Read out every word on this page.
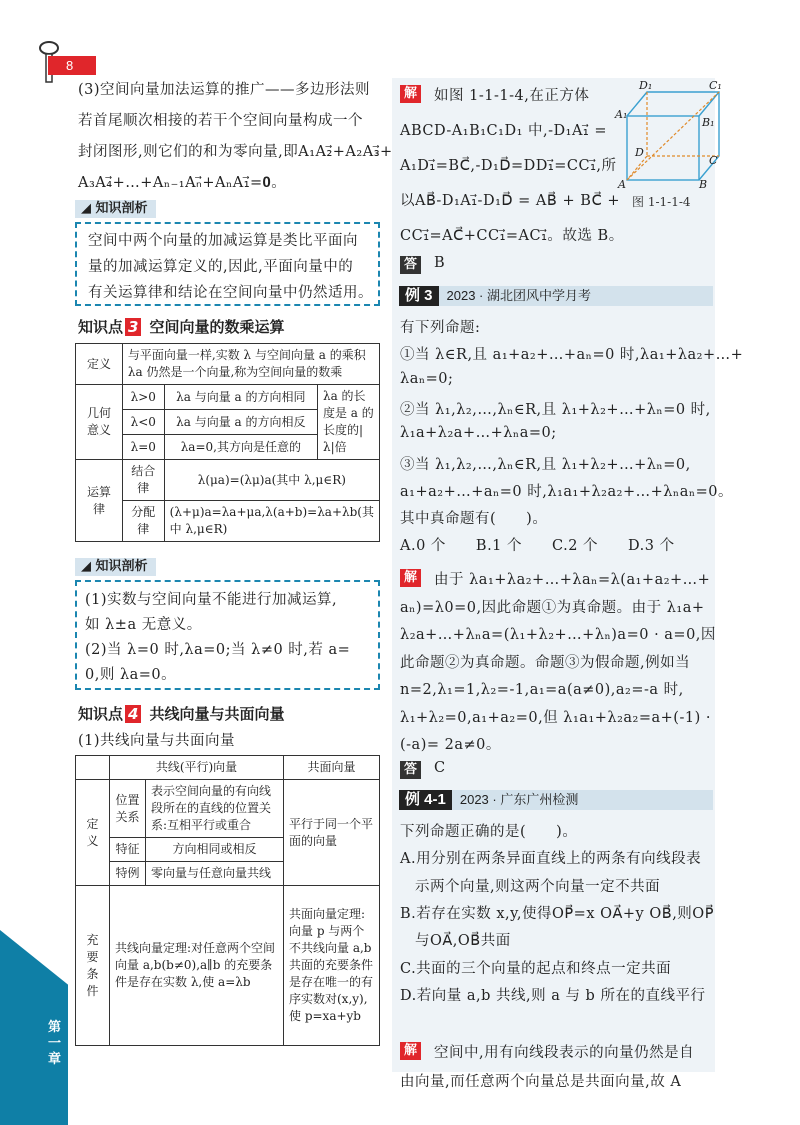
第一章
8
◢ 知识剖析
知识点 3 空间向量的数乘运算
定义	与平面向量一样,实数 λ 与空间向量 a 的乘积 λa 仍然是一个向量,称为空间向量的数乘		
几何意义	λ>0	λa 与向量 a 的方向相同	λa 的长度是 a 的长度的|λ|倍
	λ<0	λa 与向量 a 的方向相反	
	λ=0	λa=0,其方向是任意的	
运算律	结合律	λ(μa)=(λμ)a(其中 λ,μ∈R)	
	分配律	(λ+μ)a=λa+μa,λ(a+b)=λa+λb(其中 λ,μ∈R)	
◢ 知识剖析
知识点 4 共线向量与共面向量
(1)共线向量与共面向量
	共线(平行)向量		共面向量
定义	位置关系	表示空间向量的有向线段所在的直线的位置关系:互相平行或重合	平行于同一个平面的向量
	特征	方向相同或相反	
	特例	零向量与任意向量共线	
充要条件	共线向量定理:对任意两个空间向量 a,b(b≠0),a∥b 的充要条件是存在实数 λ,使 a=λb		共面向量定理:向量 p 与两个不共线向量 a,b 共面的充要条件是存在唯一的有序实数对(x,y),使 p=xa+yb
解
D₁	C₁
A₁
B₁
D
C
A	B
图 1-1-1-4
答 B
例 3 2023 · 湖北团风中学月考
解
答 C
例 4-1 2023 · 广东广州检测
解
(3)空间向量加法运算的推广——多边形法则
若首尾顺次相接的若干个空间向量构成一个
封闭图形,则它们的和为零向量,即A₁A₂⃗+A₂A₃⃗+
A₃A₄⃗+…+Aₙ₋₁Aₙ⃗+AₙA₁⃗=𝟎。
空间中两个向量的加减运算是类比平面向
量的加减运算定义的,因此,平面向量中的
有关运算律和结论在空间向量中仍然适用。
(1)实数与空间向量不能进行加减运算,
如 λ±a 无意义。
(2)当 λ=0 时,λa=0;当 λ≠0 时,若 a=
0,则 λa=0。
如图 1-1-1-4,在正方体
ABCD-A₁B₁C₁D₁ 中,-D₁A₁⃗ =
A₁D₁⃗=BC⃗,-D₁D⃗=DD₁⃗=CC₁⃗,所
以AB⃗-D₁A₁⃗-D₁D⃗ = AB⃗ + BC⃗ +
CC₁⃗=AC⃗+CC₁⃗=AC₁⃗。故选 B。
有下列命题:
①当 λ∈R,且 a₁+a₂+…+aₙ=0 时,λa₁+λa₂+…+
λaₙ=0;
②当 λ₁,λ₂,…,λₙ∈R,且 λ₁+λ₂+…+λₙ=0 时,
λ₁a+λ₂a+…+λₙa=0;
③当 λ₁,λ₂,…,λₙ∈R,且 λ₁+λ₂+…+λₙ=0,
a₁+a₂+…+aₙ=0 时,λ₁a₁+λ₂a₂+…+λₙaₙ=0。
其中真命题有(　　)。
A.0 个　　B.1 个　　C.2 个　　D.3 个
由于 λa₁+λa₂+…+λaₙ=λ(a₁+a₂+…+
aₙ)=λ0=0,因此命题①为真命题。由于 λ₁a+
λ₂a+…+λₙa=(λ₁+λ₂+…+λₙ)a=0 · a=0,因
此命题②为真命题。命题③为假命题,例如当
n=2,λ₁=1,λ₂=-1,a₁=a(a≠0),a₂=-a 时,
λ₁+λ₂=0,a₁+a₂=0,但 λ₁a₁+λ₂a₂=a+(-1) ·
(-a)= 2a≠0。
下列命题正确的是(　　)。
A.用分别在两条异面直线上的两条有向线段表
　示两个向量,则这两个向量一定不共面
B.若存在实数 x,y,使得OP⃗=x OA⃗+y OB⃗,则OP⃗
　与OA⃗,OB⃗共面
C.共面的三个向量的起点和终点一定共面
D.若向量 a,b 共线,则 a 与 b 所在的直线平行
空间中,用有向线段表示的向量仍然是自
由向量,而任意两个向量总是共面向量,故 A
